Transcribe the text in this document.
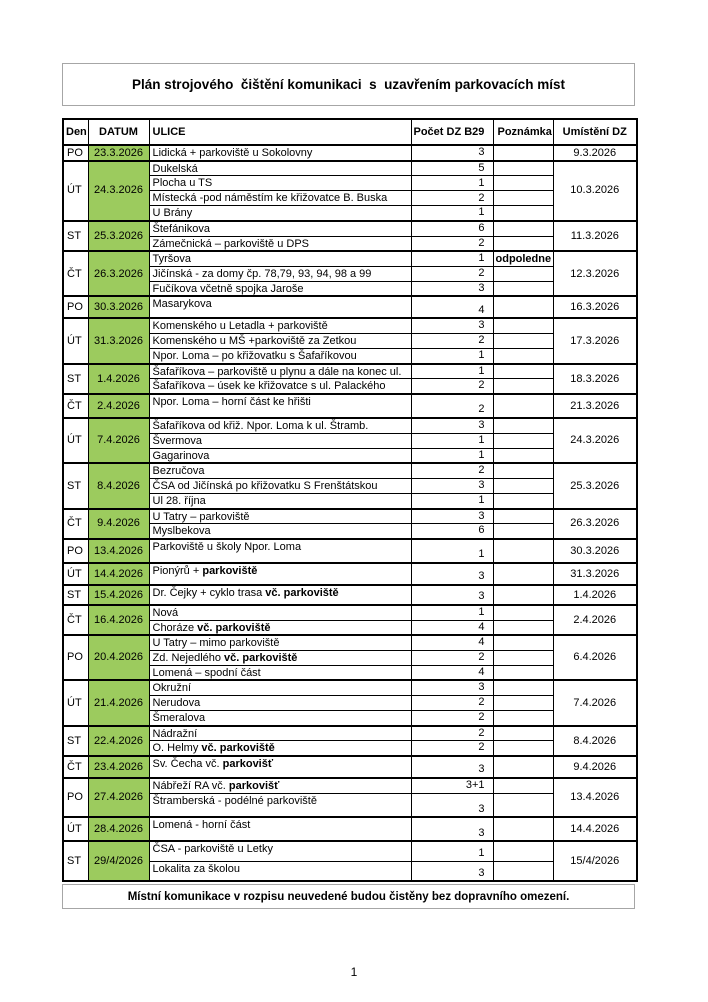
Plán strojového  čištění komunikaci  s  uzavřením parkovacích míst
Den	DATUM	ULICE	Počet DZ B29	Poznámka	Umístění DZ
PO	23.3.2026	Lidická + parkoviště u Sokolovny	3		9.3.2026
ÚT	24.3.2026	Dukelská	5		10.3.2026
		Plocha u TS	1		
		Místecká -pod náměstím ke křižovatce B. Buska	2		
		U Brány	1		
ST	25.3.2026	Štefánikova	6		11.3.2026
		Zámečnická – parkoviště u DPS	2		
ČT	26.3.2026	Tyršova	1	odpoledne	12.3.2026
		Jičínská - za domy čp. 78,79, 93, 94, 98 a 99	2		
		Fučíkova včetně spojka Jaroše	3		
PO	30.3.2026	Masarykova	4		16.3.2026
ÚT	31.3.2026	Komenského u Letadla + parkoviště	3		17.3.2026
		Komenského u MŠ +parkoviště za Zetkou	2		
		Npor. Loma – po křižovatku s Šafaříkovou	1		
ST	1.4.2026	Šafaříkova – parkoviště u plynu a dále na konec ul.	1		18.3.2026
		Šafaříkova – úsek ke křižovatce s ul. Palackého	2		
ČT	2.4.2026	Npor. Loma – horní část ke hřišti	2		21.3.2026
ÚT	7.4.2026	Šafaříkova od křiž. Npor. Loma k ul. Štramb.	3		24.3.2026
		Švermova	1		
		Gagarinova	1		
ST	8.4.2026	Bezručova	2		25.3.2026
		ČSA od Jičínská po křižovatku S Frenštátskou	3		
		Ul 28. října	1		
ČT	9.4.2026	U Tatry – parkoviště	3		26.3.2026
		Myslbekova	6		
PO	13.4.2026	Parkoviště u školy Npor. Loma	1		30.3.2026
ÚT	14.4.2026	Pionýrů + parkoviště	3		31.3.2026
ST	15.4.2026	Dr. Čejky + cyklo trasa vč. parkoviště	3		1.4.2026
ČT	16.4.2026	Nová	1		2.4.2026
		Choráze vč. parkoviště	4		
PO	20.4.2026	U Tatry – mimo parkoviště	4		6.4.2026
		Zd. Nejedlého vč. parkoviště	2		
		Lomená – spodní část	4		
ÚT	21.4.2026	Okružní	3		7.4.2026
		Nerudova	2		
		Šmeralova	2		
ST	22.4.2026	Nádražní	2		8.4.2026
		O. Helmy vč. parkoviště	2		
ČT	23.4.2026	Sv. Čecha vč. parkovišť	3		9.4.2026
PO	27.4.2026	Nábřeží RA vč. parkovišť	3+1		13.4.2026
		Štramberská - podélné parkoviště	3		
ÚT	28.4.2026	Lomená - horní část	3		14.4.2026
ST	29/4/2026	ČSA - parkoviště u Letky	1		15/4/2026
		Lokalita za školou	3		
Místní komunikace v rozpisu neuvedené budou čistěny bez dopravního omezení.
1
